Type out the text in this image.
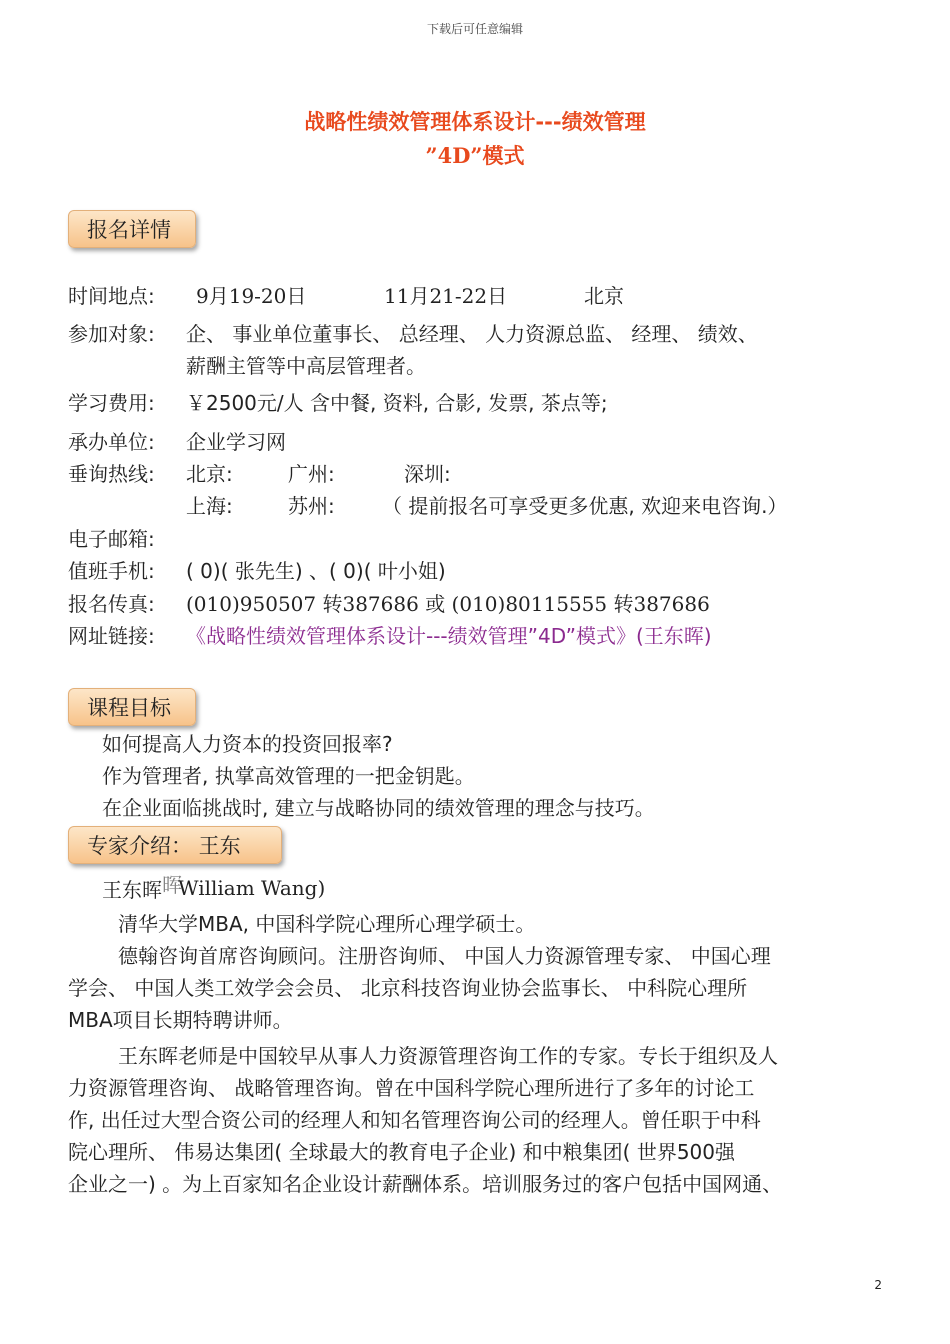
下载后可任意编辑
战略性绩效管理体系设计---绩效管理
”4D”模式
报名详情
时间地点: 9月19-20日	11月21-22日	北京
参加对象: 企、 事业单位董事长、 总经理、 人力资源总监、 经理、 绩效、
薪酬主管等中高层管理者。
学习费用: ￥2500元/人 含中餐, 资料, 合影, 发票, 茶点等;
承办单位: 企业学习网
垂询热线: 北京:	广州:	深圳:
上海:	苏州: （ 提前报名可享受更多优惠, 欢迎来电咨询.）
电子邮箱:
值班手机: ( 0)( 张先生) 、( 0)( 叶小姐)
报名传真: (010)950507 转387686 或 (010)80115555 转387686
网址链接: 《战略性绩效管理体系设计---绩效管理”4D”模式》(王东晖)
课程目标
如何提高人力资本的投资回报率?
作为管理者, 执掌高效管理的一把金钥匙。
在企业面临挑战时, 建立与战略协同的绩效管理的理念与技巧。
专家介绍： 王东
王东晖 晖
William Wang)
清华大学MBA, 中国科学院心理所心理学硕士。
德翰咨询首席咨询顾问。注册咨询师、 中国人力资源管理专家、 中国心理
学会、 中国人类工效学会会员、 北京科技咨询业协会监事长、 中科院心理所
MBA项目长期特聘讲师。
王东晖老师是中国较早从事人力资源管理咨询工作的专家。专长于组织及人
力资源管理咨询、 战略管理咨询。曾在中国科学院心理所进行了多年的讨论工
作, 出任过大型合资公司的经理人和知名管理咨询公司的经理人。曾任职于中科
院心理所、 伟易达集团( 全球最大的教育电子企业) 和中粮集团( 世界500强
企业之一) 。为上百家知名企业设计薪酬体系。培训服务过的客户包括中国网通、
2
